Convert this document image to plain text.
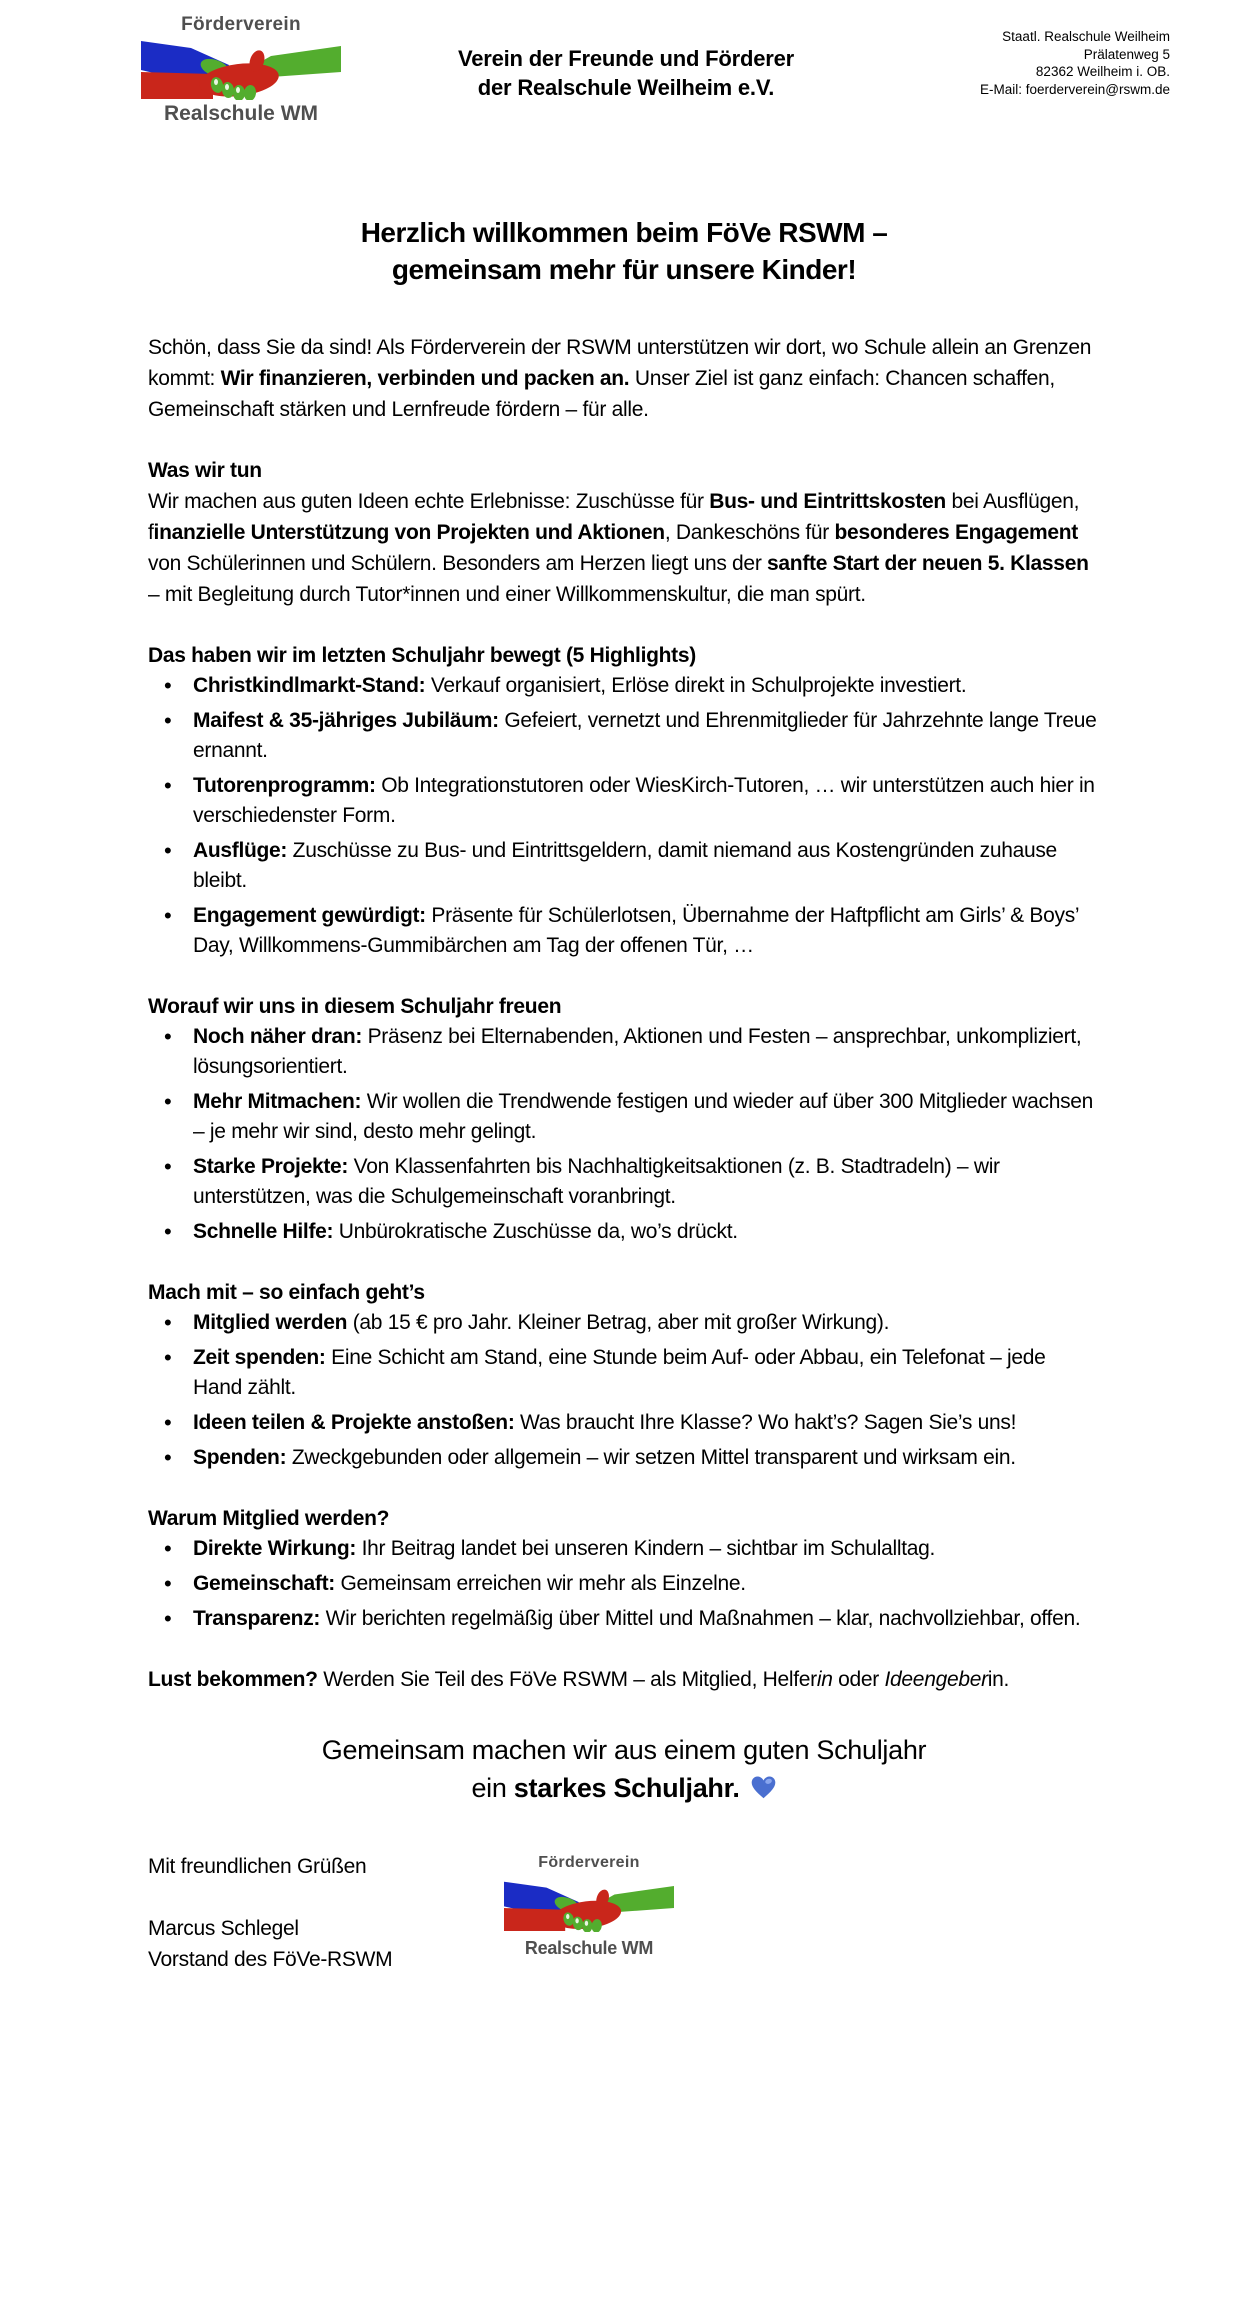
Förderverein
Realschule WM
Verein der Freunde und Förderer
der Realschule Weilheim e.V.
Staatl. Realschule Weilheim
Prälatenweg 5
82362 Weilheim i. OB.
E-Mail: foerderverein@rswm.de
Herzlich willkommen beim FöVe RSWM –
gemeinsam mehr für unsere Kinder!

Schön, dass Sie da sind! Als Förderverein der RSWM unterstützen wir dort, wo Schule allein an Grenzen kommt: Wir finanzieren, verbinden und packen an. Unser Ziel ist ganz einfach: Chancen schaffen, Gemeinschaft stärken und Lernfreude fördern – für alle.

Was wir tun

Wir machen aus guten Ideen echte Erlebnisse: Zuschüsse für Bus- und Eintrittskosten bei Ausflügen, finanzielle Unterstützung von Projekten und Aktionen, Dankeschöns für besonderes Engagement von Schülerinnen und Schülern. Besonders am Herzen liegt uns der sanfte Start der neuen 5. Klassen – mit Begleitung durch Tutor*innen und einer Willkommenskultur, die man spürt.

Das haben wir im letzten Schuljahr bewegt (5 Highlights)
• Christkindlmarkt-Stand: Verkauf organisiert, Erlöse direkt in Schulprojekte investiert.
• Maifest & 35-jähriges Jubiläum: Gefeiert, vernetzt und Ehrenmitglieder für Jahrzehnte lange Treue ernannt.
• Tutorenprogramm: Ob Integrationstutoren oder WiesKirch-Tutoren, … wir unterstützen auch hier in verschiedenster Form.
• Ausflüge: Zuschüsse zu Bus- und Eintrittsgeldern, damit niemand aus Kostengründen zuhause bleibt.
• Engagement gewürdigt: Präsente für Schülerlotsen, Übernahme der Haftpflicht am Girls’ & Boys’ Day, Willkommens-Gummibärchen am Tag der offenen Tür, …
Worauf wir uns in diesem Schuljahr freuen
• Noch näher dran: Präsenz bei Elternabenden, Aktionen und Festen – ansprechbar, unkompliziert, lösungsorientiert.
• Mehr Mitmachen: Wir wollen die Trendwende festigen und wieder auf über 300 Mitglieder wachsen – je mehr wir sind, desto mehr gelingt.
• Starke Projekte: Von Klassenfahrten bis Nachhaltigkeitsaktionen (z. B. Stadtradeln) – wir unterstützen, was die Schulgemeinschaft voranbringt.
• Schnelle Hilfe: Unbürokratische Zuschüsse da, wo’s drückt.
Mach mit – so einfach geht’s
• Mitglied werden (ab 15 € pro Jahr. Kleiner Betrag, aber mit großer Wirkung).
• Zeit spenden: Eine Schicht am Stand, eine Stunde beim Auf- oder Abbau, ein Telefonat – jede Hand zählt.
• Ideen teilen & Projekte anstoßen: Was braucht Ihre Klasse? Wo hakt’s? Sagen Sie’s uns!
• Spenden: Zweckgebunden oder allgemein – wir setzen Mittel transparent und wirksam ein.
Warum Mitglied werden?
• Direkte Wirkung: Ihr Beitrag landet bei unseren Kindern – sichtbar im Schulalltag.
• Gemeinschaft: Gemeinsam erreichen wir mehr als Einzelne.
• Transparenz: Wir berichten regelmäßig über Mittel und Maßnahmen – klar, nachvollziehbar, offen.

Lust bekommen? Werden Sie Teil des FöVe RSWM – als Mitglied, Helferin oder Ideengeberin.

Gemeinsam machen wir aus einem guten Schuljahr
ein starkes Schuljahr.
Mit freundlichen Grüßen
Marcus Schlegel
Vorstand des FöVe-RSWM
Förderverein
Realschule WM
